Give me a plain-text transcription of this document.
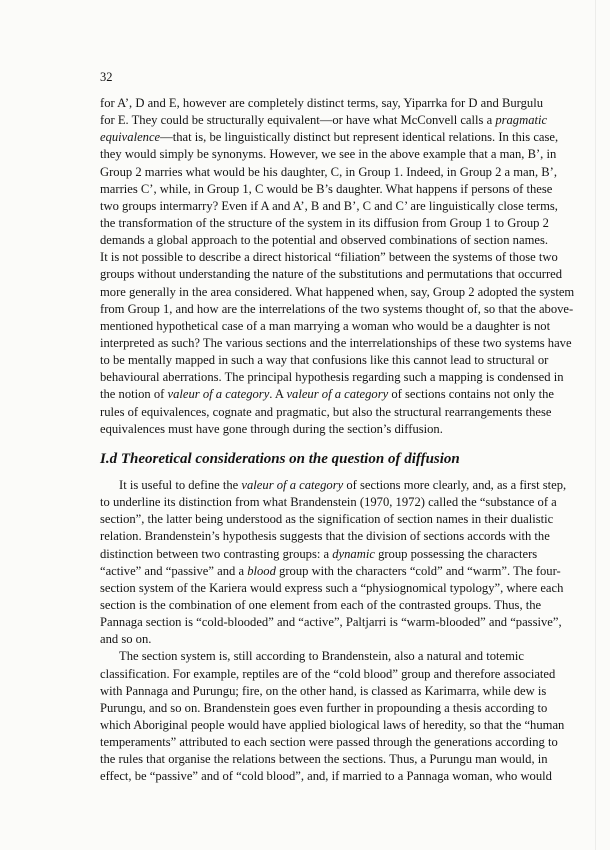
32
for A’, D and E, however are completely distinct terms, say, Yiparrka for D and Burgulu
for E. They could be structurally equivalent—or have what McConvell calls a pragmatic
equivalence—that is, be linguistically distinct but represent identical relations. In this case,
they would simply be synonyms. However, we see in the above example that a man, B’, in
Group 2 marries what would be his daughter, C, in Group 1. Indeed, in Group 2 a man, B’,
marries C’, while, in Group 1, C would be B’s daughter. What happens if persons of these
two groups intermarry? Even if A and A’, B and B’, C and C’ are linguistically close terms,
the transformation of the structure of the system in its diffusion from Group 1 to Group 2
demands a global approach to the potential and observed combinations of section names.
It is not possible to describe a direct historical “filiation” between the systems of those two
groups without understanding the nature of the substitutions and permutations that occurred
more generally in the area considered. What happened when, say, Group 2 adopted the system
from Group 1, and how are the interrelations of the two systems thought of, so that the above-
mentioned hypothetical case of a man marrying a woman who would be a daughter is not
interpreted as such? The various sections and the interrelationships of these two systems have
to be mentally mapped in such a way that confusions like this cannot lead to structural or
behavioural aberrations. The principal hypothesis regarding such a mapping is condensed in
the notion of valeur of a category. A valeur of a category of sections contains not only the
rules of equivalences, cognate and pragmatic, but also the structural rearrangements these
equivalences must have gone through during the section’s diffusion.
I.d Theoretical considerations on the question of diffusion
It is useful to define the valeur of a category of sections more clearly, and, as a first step,
to underline its distinction from what Brandenstein (1970, 1972) called the “substance of a
section”, the latter being understood as the signification of section names in their dualistic
relation. Brandenstein’s hypothesis suggests that the division of sections accords with the
distinction between two contrasting groups: a dynamic group possessing the characters
“active” and “passive” and a blood group with the characters “cold” and “warm”. The four-
section system of the Kariera would express such a “physiognomical typology”, where each
section is the combination of one element from each of the contrasted groups. Thus, the
Pannaga section is “cold-blooded” and “active”, Paltjarri is “warm-blooded” and “passive”,
and so on.
The section system is, still according to Brandenstein, also a natural and totemic
classification. For example, reptiles are of the “cold blood” group and therefore associated
with Pannaga and Purungu; fire, on the other hand, is classed as Karimarra, while dew is
Purungu, and so on. Brandenstein goes even further in propounding a thesis according to
which Aboriginal people would have applied biological laws of heredity, so that the “human
temperaments” attributed to each section were passed through the generations according to
the rules that organise the relations between the sections. Thus, a Purungu man would, in
effect, be “passive” and of “cold blood”, and, if married to a Pannaga woman, who would
